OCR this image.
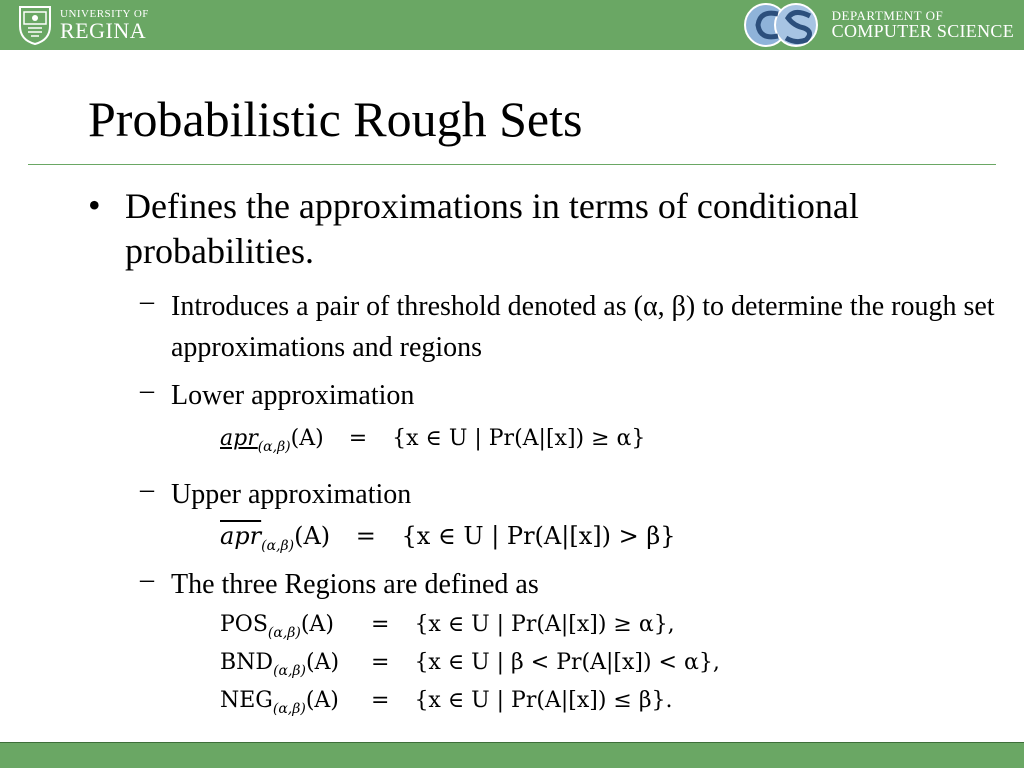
UNIVERSITY OF
REGINA
DEPARTMENT OF
COMPUTER SCIENCE
Probabilistic Rough Sets
• Defines the approximations in terms of conditional probabilities.
– Introduces a pair of threshold denoted as (α, β) to determine the rough set approximations and regions
– Lower approximation
apr$_{(\alpha,\beta)}$(A) = {x ∈ U | Pr(A|[x]) ≥ α}
– Upper approximation
$\overline{apr}_{(\alpha,\beta)}(A) = \{x$ ∈ U | Pr(A|[x]) > β}
– The three Regions are defined as
$POS_{(\alpha,\beta)}(A) = \{x$ ∈ U | Pr(A|[x]) ≥ α},
$BND_{(\alpha,\beta)}(A) = \{x$ ∈ U | β < Pr(A|[x]) < α},
$NEG_{(\alpha,\beta)}(A) = \{x$ ∈ U | Pr(A|[x]) ≤ β}.
